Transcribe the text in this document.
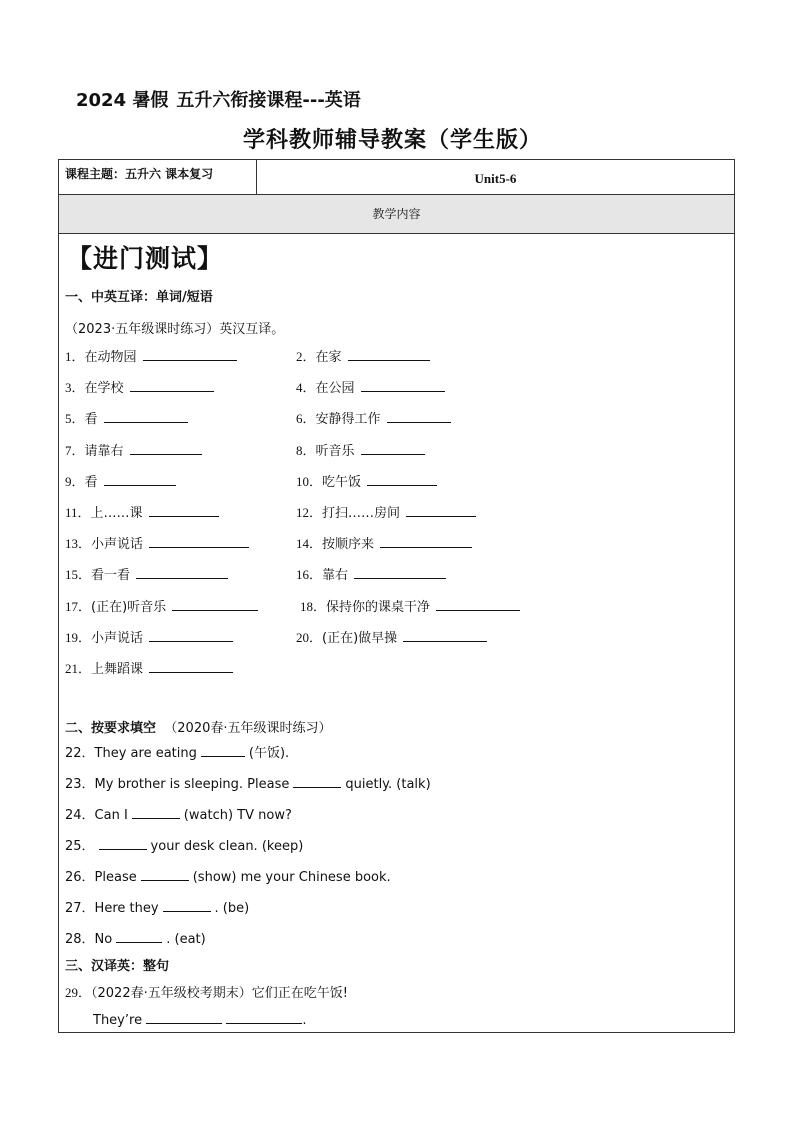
2024 暑假 五升六衔接课程---英语
学科教师辅导教案（学生版）
课程主题：五升六 课本复习	Unit5-6
教学内容
【进门测试】
一、中英互译：单词/短语
（2023·五年级课时练习）英汉互译。
1．在动物园	2．在家
3．在学校	4．在公园
5．看	6．安静得工作
7．请靠右	8．听音乐
9．看	10．吃午饭
11．上……课	12．打扫……房间
13．小声说话	14．按顺序来
15．看一看	16．靠右
17．(正在)听音乐	18．保持你的课桌干净
19．小声说话	20．(正在)做早操
21．上舞蹈课
二、按要求填空 （2020春·五年级课时练习）
22．They are eating	(午饭).
23．My brother is sleeping. Please	quietly. (talk)
24．Can I	(watch) TV now?
25．	your desk clean. (keep)
26．Please	(show) me your Chinese book.
27．Here they	. (be)
28．No	. (eat)
三、汉译英：整句
29．（2022春·五年级校考期末）它们正在吃午饭!
They’re	.
